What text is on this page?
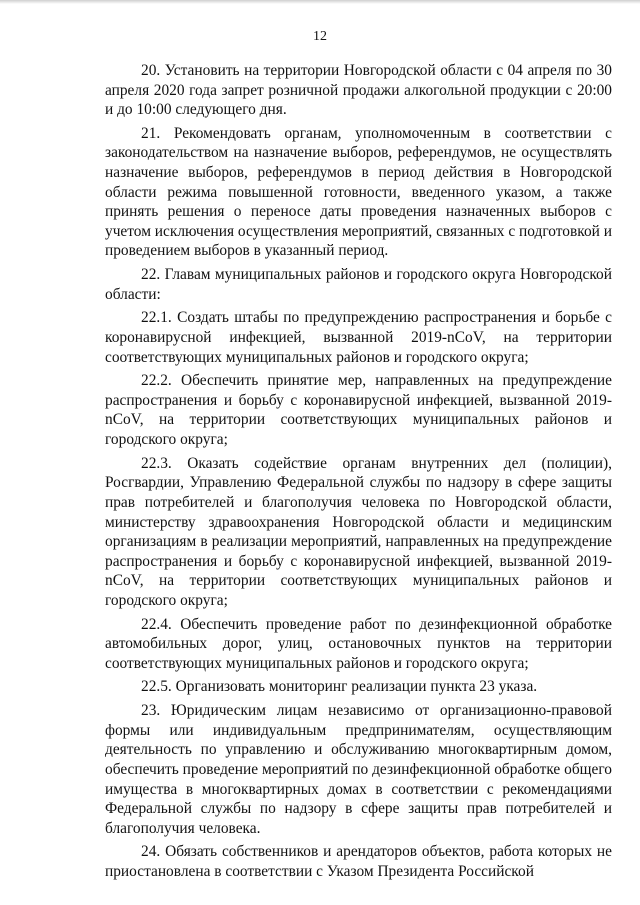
12

20. Установить на территории Новгородской области с 04 апреля по 30 апреля 2020 года запрет розничной продажи алкогольной продукции с 20:00 и до 10:00 следующего дня.

21. Рекомендовать органам, уполномоченным в соответствии с законодательством на назначение выборов, референдумов, не осуществлять назначение выборов, референдумов в период действия в Новгородской области режима повышенной готовности, введенного указом, а также принять решения о переносе даты проведения назначенных выборов с учетом исключения осуществления мероприятий, связанных с подготовкой и проведением выборов в указанный период.

22. Главам муниципальных районов и городского округа Новгородской области:

22.1. Создать штабы по предупреждению распространения и борьбе с коронавирусной инфекцией, вызванной 2019-nCoV, на территории соответствующих муниципальных районов и городского округа;

22.2. Обеспечить принятие мер, направленных на предупреждение распространения и борьбу с коронавирусной инфекцией, вызванной 2019-nCoV, на территории соответствующих муниципальных районов и городского округа;

22.3. Оказать содействие органам внутренних дел (полиции), Росгвардии, Управлению Федеральной службы по надзору в сфере защиты прав потребителей и благополучия человека по Новгородской области, министерству здравоохранения Новгородской области и медицинским организациям в реализации мероприятий, направленных на предупреждение распространения и борьбу с коронавирусной инфекцией, вызванной 2019-nCoV, на территории соответствующих муниципальных районов и городского округа;

22.4. Обеспечить проведение работ по дезинфекционной обработке автомобильных дорог, улиц, остановочных пунктов на территории соответствующих муниципальных районов и городского округа;

22.5. Организовать мониторинг реализации пункта 23 указа.

23. Юридическим лицам независимо от организационно-правовой формы или индивидуальным предпринимателям, осуществляющим деятельность по управлению и обслуживанию многоквартирным домом, обеспечить проведение мероприятий по дезинфекционной обработке общего имущества в многоквартирных домах в соответствии с рекомендациями Федеральной службы по надзору в сфере защиты прав потребителей и благополучия человека.

24. Обязать собственников и арендаторов объектов, работа которых не приостановлена в соответствии с Указом Президента Российской
